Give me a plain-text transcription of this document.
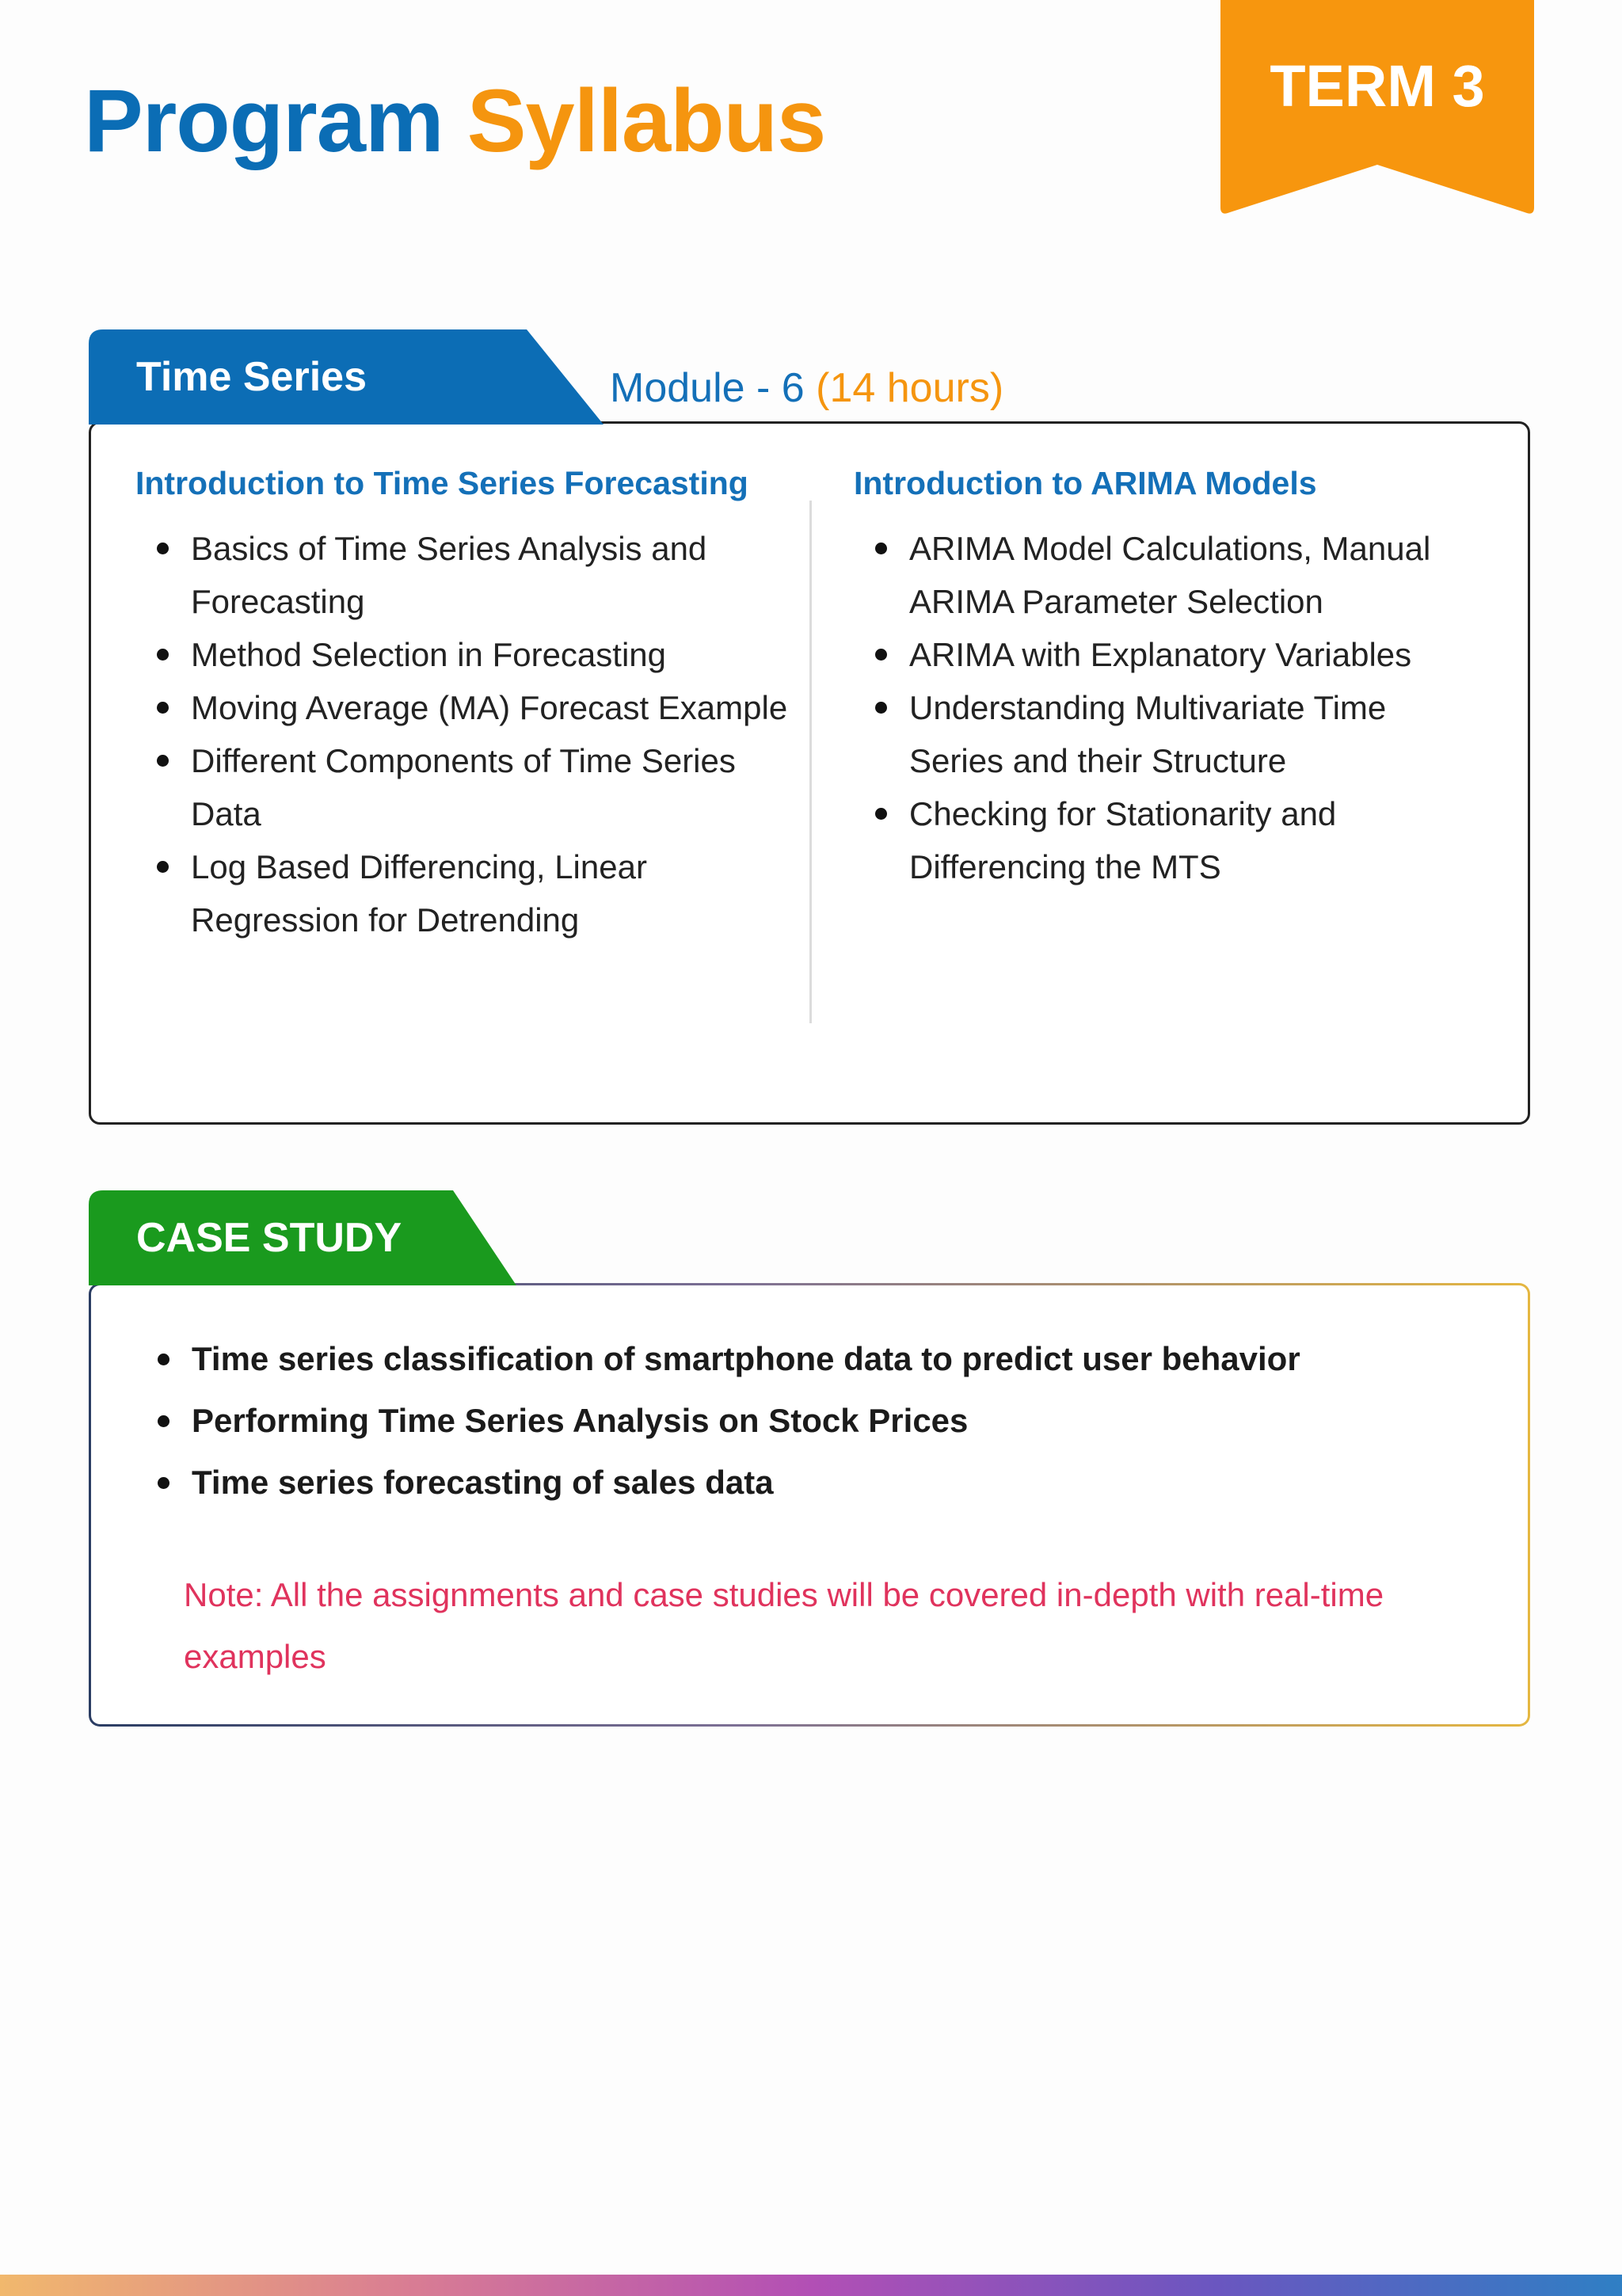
Program Syllabus	TERM 3
Time Series	Module - 6 (14 hours)
Introduction to Time Series Forecasting
Basics of Time Series Analysis and Forecasting
Method Selection in Forecasting
Moving Average (MA) Forecast Example
Different Components of Time Series Data
Log Based Differencing, Linear Regression for Detrending
Introduction to ARIMA Models
ARIMA Model Calculations, Manual ARIMA Parameter Selection
ARIMA with Explanatory Variables
Understanding Multivariate Time Series and their Structure
Checking for Stationarity and Differencing the MTS
CASE STUDY
Time series classification of smartphone data to predict user behavior
Performing Time Series Analysis on Stock Prices
Time series forecasting of sales data

Note: All the assignments and case studies will be covered in-depth with real-time examples
